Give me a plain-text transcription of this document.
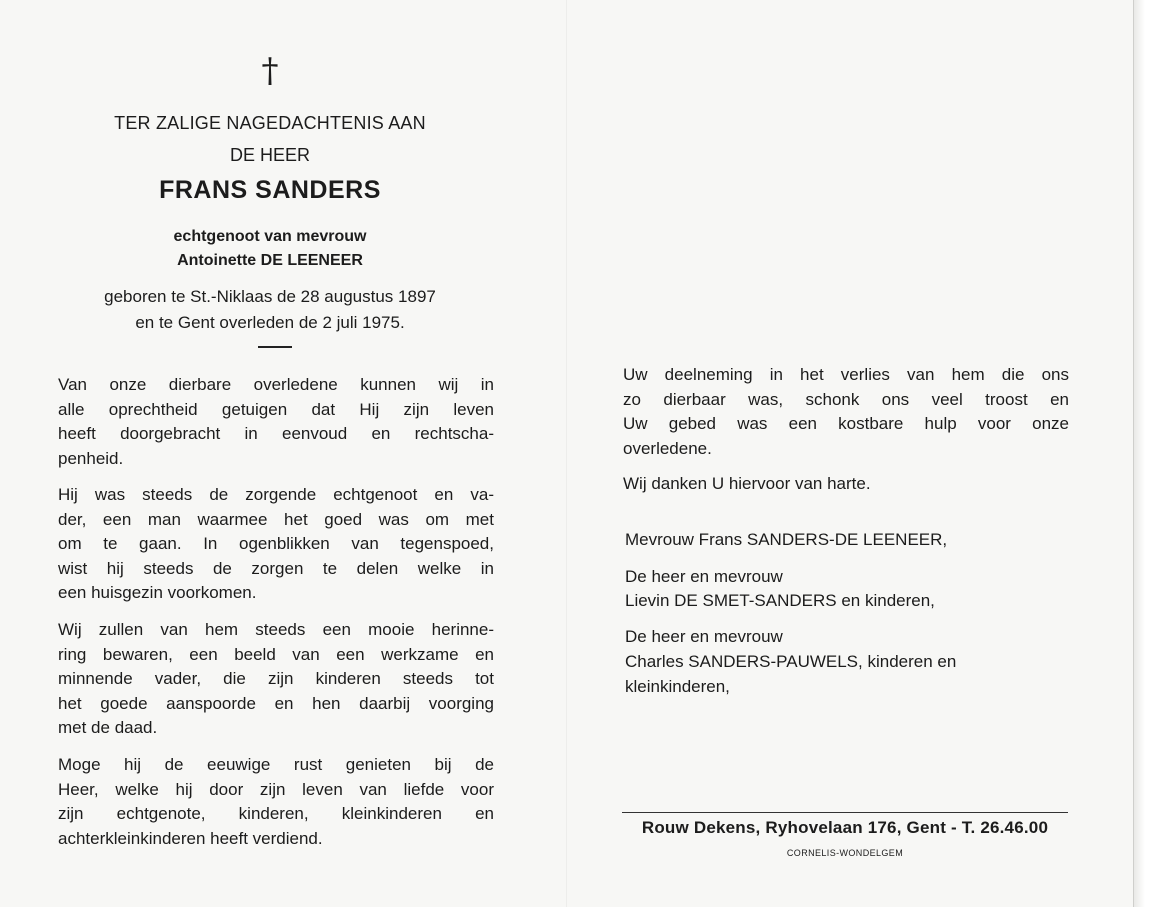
†
TER ZALIGE NAGEDACHTENIS AAN
DE HEER
FRANS SANDERS
echtgenoot van mevrouw
Antoinette DE LEENEER
geboren te St.-Niklaas de 28 augustus 1897
en te Gent overleden de 2 juli 1975.
Van onze dierbare overledene kunnen wij in
alle oprechtheid getuigen dat Hij zijn leven
heeft doorgebracht in eenvoud en rechtscha-
penheid.
Hij was steeds de zorgende echtgenoot en va-
der, een man waarmee het goed was om met
om te gaan. In ogenblikken van tegenspoed,
wist hij steeds de zorgen te delen welke in
een huisgezin voorkomen.
Wij zullen van hem steeds een mooie herinne-
ring bewaren, een beeld van een werkzame en
minnende vader, die zijn kinderen steeds tot
het goede aanspoorde en hen daarbij voorging
met de daad.
Moge hij de eeuwige rust genieten bij de
Heer, welke hij door zijn leven van liefde voor
zijn echtgenote, kinderen, kleinkinderen en
achterkleinkinderen heeft verdiend.
Uw deelneming in het verlies van hem die ons
zo dierbaar was, schonk ons veel troost en
Uw gebed was een kostbare hulp voor onze
overledene.
Wij danken U hiervoor van harte.
Mevrouw Frans SANDERS-DE LEENEER,
De heer en mevrouw
Lievin DE SMET-SANDERS en kinderen,
De heer en mevrouw
Charles SANDERS-PAUWELS, kinderen en
kleinkinderen,
Rouw Dekens, Ryhovelaan 176, Gent - T. 26.46.00
CORNELIS-WONDELGEM
